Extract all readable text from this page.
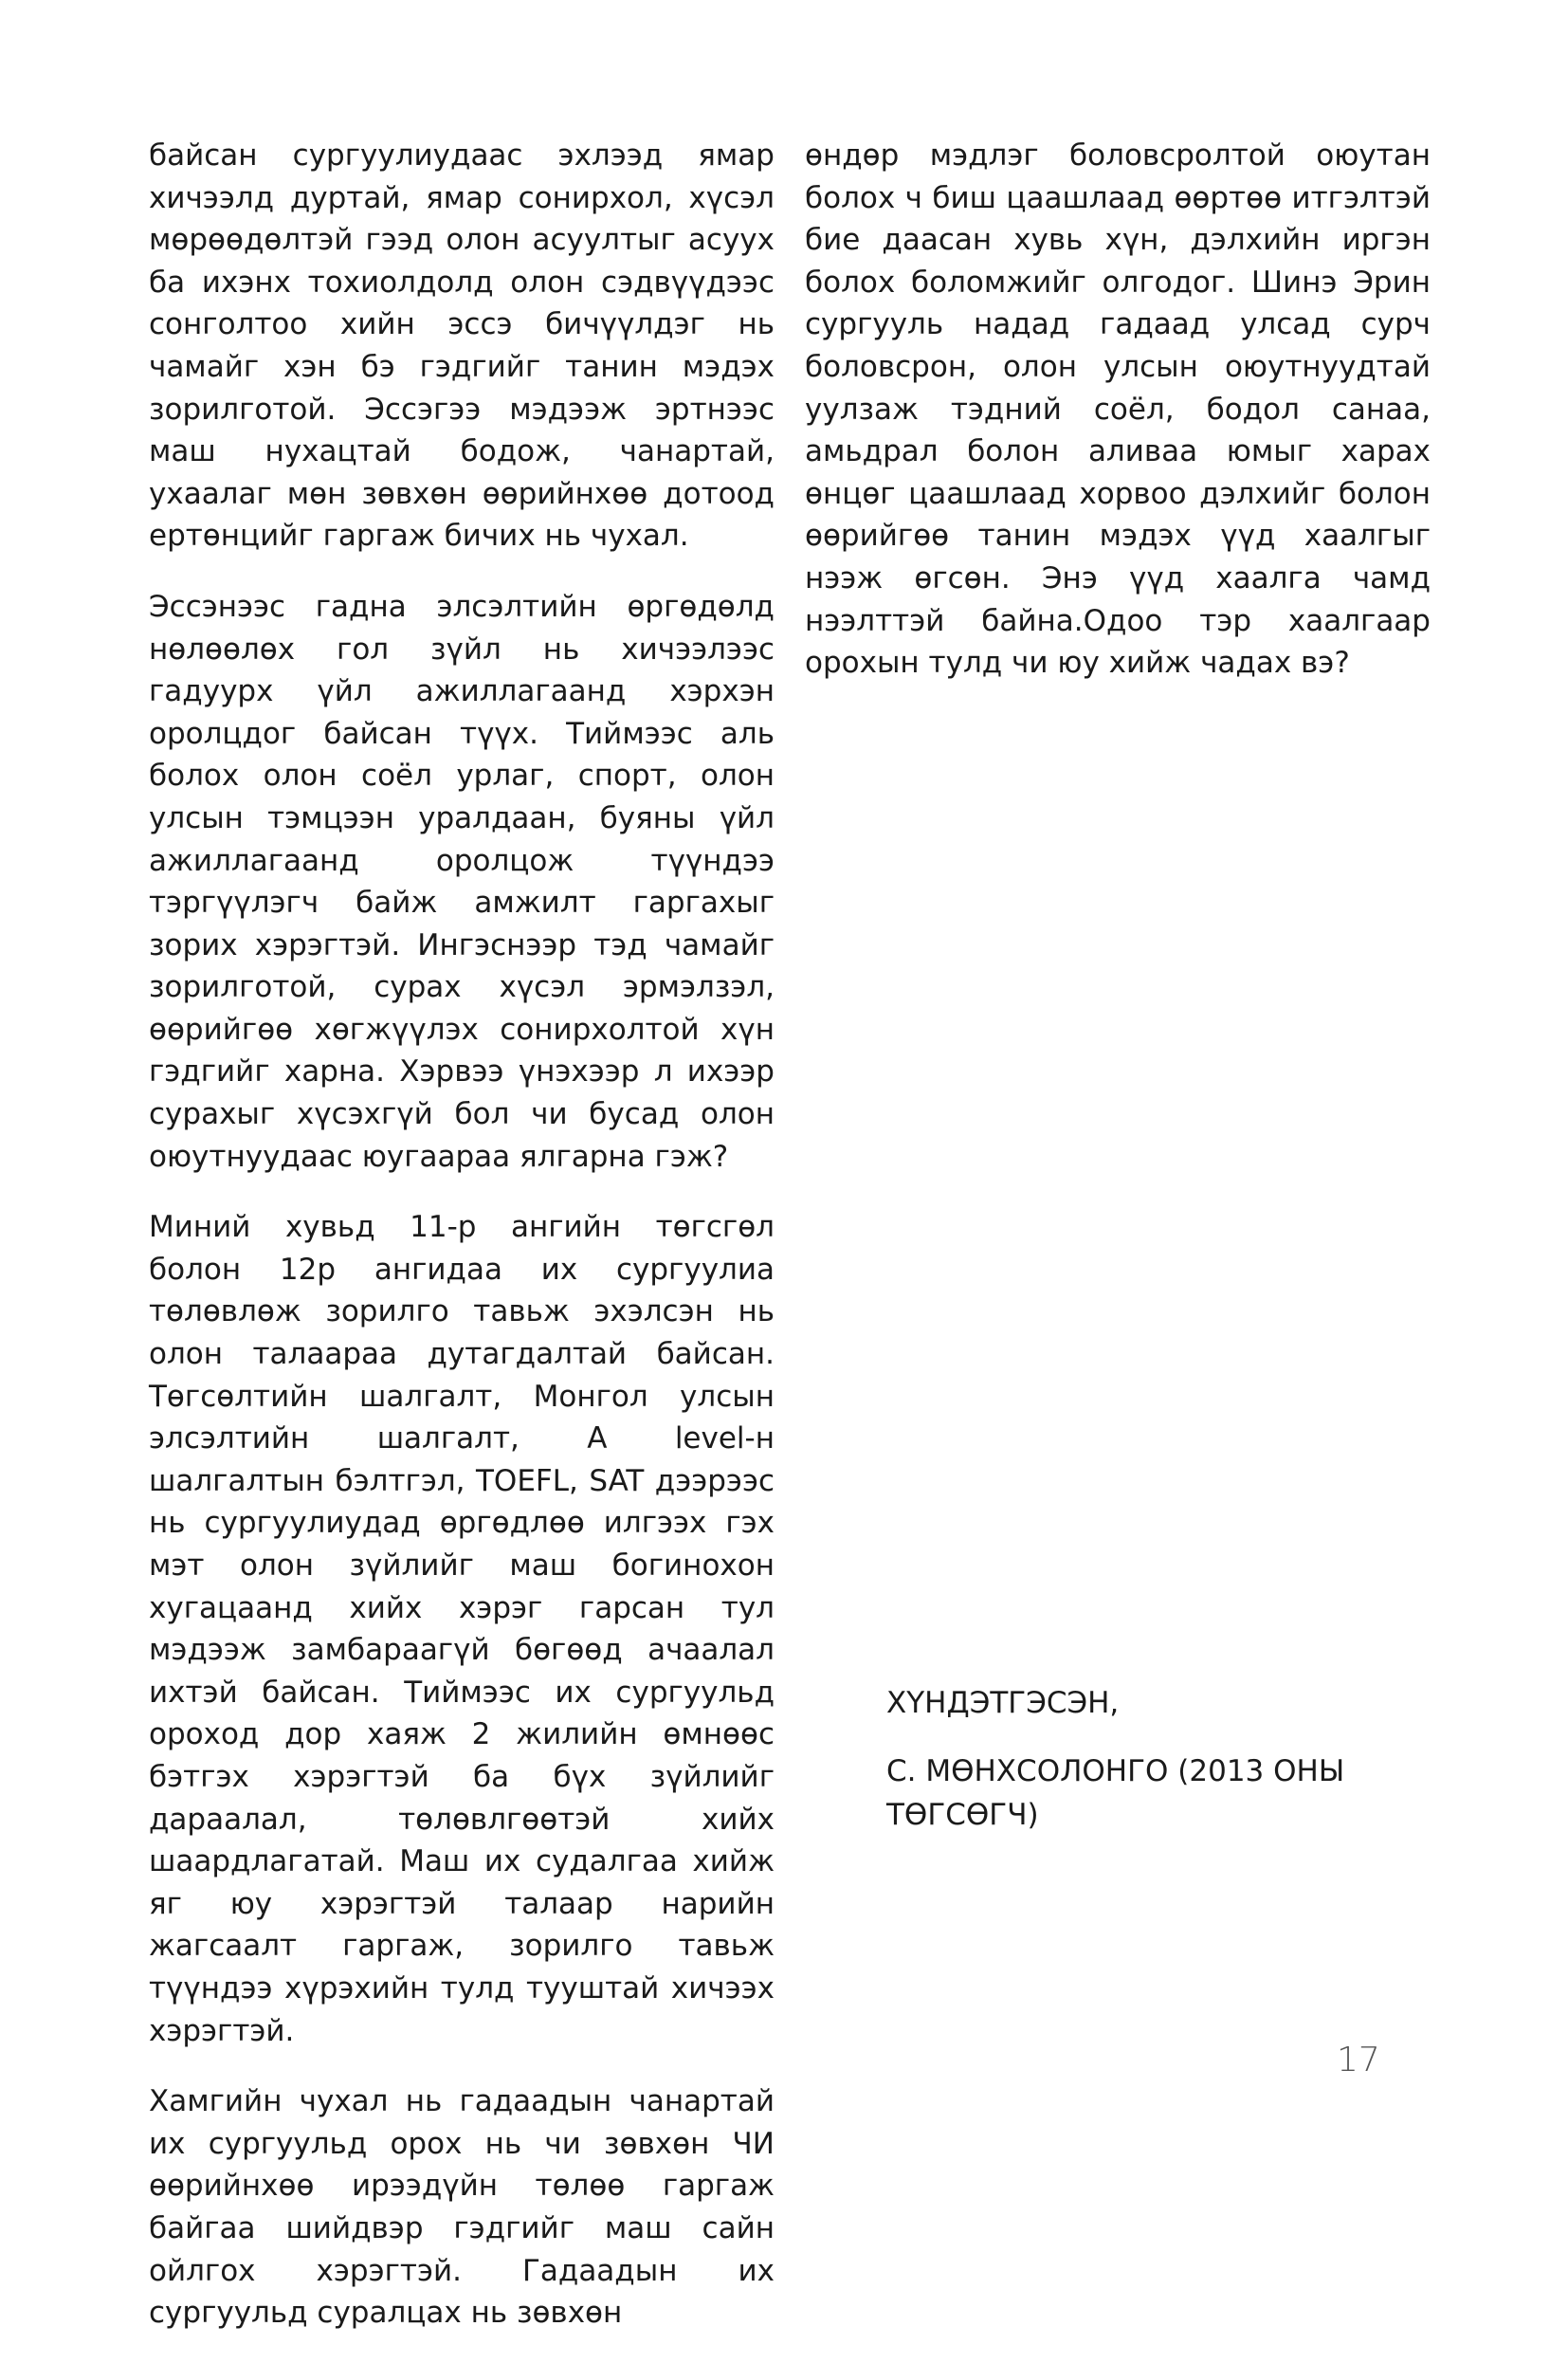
байсан сургуулиудаас эхлээд ямар хичээлд дуртай, ямар сонирхол, хүсэл мөрөөдөлтэй гээд олон асуултыг асуух ба ихэнх тохиолдолд олон сэдвүүдээс сонголтоо хийн эссэ бичүүлдэг нь чамайг хэн бэ гэдгийг танин мэдэх зорилготой. Эссэгээ мэдээж эртнээс маш нухацтай бодож, чанартай, ухаалаг мөн зөвхөн өөрийнхөө дотоод ертөнцийг гаргаж бичих нь чухал.

Эссэнээс гадна элсэлтийн өргөдөлд нөлөөлөх гол зүйл нь хичээлээс гадуурх үйл ажиллагаанд хэрхэн оролцдог байсан түүх. Тиймээс аль болох олон соёл урлаг, спорт, олон улсын тэмцээн уралдаан, буяны үйл ажиллагаанд оролцож түүндээ тэргүүлэгч байж амжилт гаргахыг зорих хэрэгтэй. Ингэснээр тэд чамайг зорилготой, сурах хүсэл эрмэлзэл, өөрийгөө хөгжүүлэх сонирхолтой хүн гэдгийг харна. Хэрвээ үнэхээр л ихээр сурахыг хүсэхгүй бол чи бусад олон оюутнуудаас юугаараа ялгарна гэж?

Миний хувьд 11-р ангийн төгсгөл болон 12р ангидаа их сургуулиа төлөвлөж зорилго тавьж эхэлсэн нь олон талаараа дутагдалтай байсан. Төгсөлтийн шалгалт, Монгол улсын элсэлтийн шалгалт, A level-н шалгалтын бэлтгэл, TOEFL, SAT дээрээс нь сургуулиудад өргөдлөө илгээх гэх мэт олон зүйлийг маш богинохон хугацаанд хийх хэрэг гарсан тул мэдээж замбараагүй бөгөөд ачаалал ихтэй байсан. Тиймээс их сургуульд ороход дор хаяж 2 жилийн өмнөөс бэтгэх хэрэгтэй ба бүх зүйлийг дараалал, төлөвлгөөтэй хийх шаардлагатай. Маш их судалгаа хийж яг юу хэрэгтэй талаар нарийн жагсаалт гаргаж, зорилго тавьж түүндээ хүрэхийн тулд тууштай хичээх хэрэгтэй.

Хамгийн чухал нь гадаадын чанартай их сургуульд орох нь чи зөвхөн ЧИ өөрийнхөө ирээдүйн төлөө гаргаж байгаа шийдвэр гэдгийг маш сайн ойлгох хэрэгтэй. Гадаадын их сургуульд суралцах нь зөвхөн

өндөр мэдлэг боловсролтой оюутан болох ч биш цаашлаад өөртөө итгэлтэй бие даасан хувь хүн, дэлхийн иргэн болох боломжийг олгодог. Шинэ Эрин сургууль надад гадаад улсад сурч боловсрон, олон улсын оюутнуудтай уулзаж тэдний соёл, бодол санаа, амьдрал болон аливаа юмыг харах өнцөг цаашлаад хорвоо дэлхийг болон өөрийгөө танин мэдэх үүд хаалгыг нээж өгсөн. Энэ үүд хаалга чамд нээлттэй байна.Одоо тэр хаалгаар орохын тулд чи юу хийж чадах вэ?

ХҮНДЭТГЭСЭН,

С. МӨНХСОЛОНГО (2013 ОНЫ ТӨГСӨГЧ)

17
